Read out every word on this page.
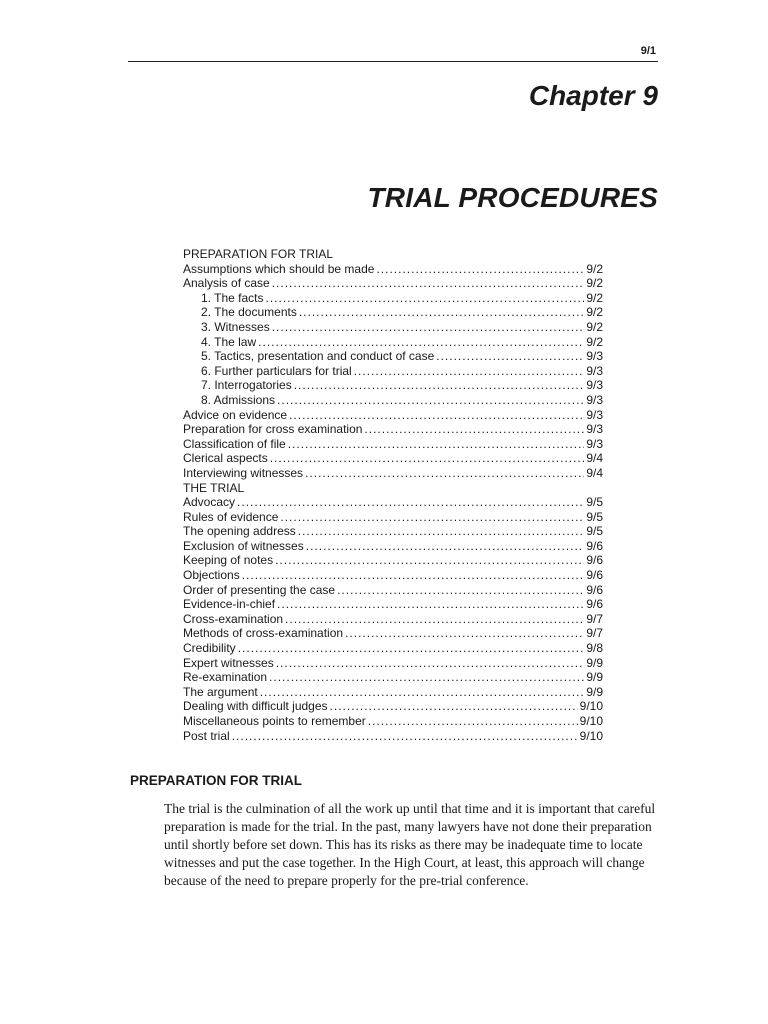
9/1
Chapter 9
TRIAL PROCEDURES
PREPARATION FOR TRIAL
Assumptions which should be made .....	9/2
Analysis of case .....	9/2
1. The facts .....	9/2
2. The documents .....	9/2
3. Witnesses .....	9/2
4. The law .....	9/2
5. Tactics, presentation and conduct of case .....	9/3
6. Further particulars for trial .....	9/3
7. Interrogatories .....	9/3
8. Admissions .....	9/3
Advice on evidence .....	9/3
Preparation for cross examination .....	9/3
Classification of file .....	9/3
Clerical aspects .....	9/4
Interviewing witnesses .....	9/4
THE TRIAL
Advocacy .....	9/5
Rules of evidence .....	9/5
The opening address .....	9/5
Exclusion of witnesses .....	9/6
Keeping of notes .....	9/6
Objections .....	9/6
Order of presenting the case .....	9/6
Evidence-in-chief .....	9/6
Cross-examination .....	9/7
Methods of cross-examination .....	9/7
Credibility .....	9/8
Expert witnesses .....	9/9
Re-examination .....	9/9
The argument .....	9/9
Dealing with difficult judges .....	9/10
Miscellaneous points to remember .....	9/10
Post trial .....	9/10
PREPARATION FOR TRIAL

The trial is the culmination of all the work up until that time and it is important that careful preparation is made for the trial. In the past, many lawyers have not done their preparation until shortly before set down. This has its risks as there may be inadequate time to locate witnesses and put the case together. In the High Court, at least, this approach will change because of the need to prepare properly for the pre-trial conference.
